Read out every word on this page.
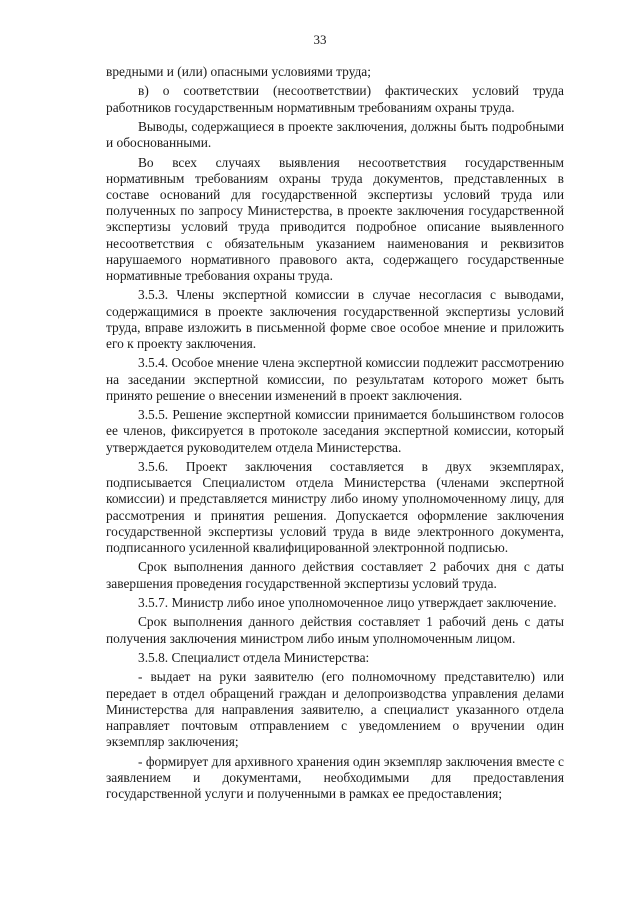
33

вредными и (или) опасными условиями труда;

в) о соответствии (несоответствии) фактических условий труда работников государственным нормативным требованиям охраны труда.

Выводы, содержащиеся в проекте заключения, должны быть подробными и обоснованными.

Во всех случаях выявления несоответствия государственным нормативным требованиям охраны труда документов, представленных в составе оснований для государственной экспертизы условий труда или полученных по запросу Министерства, в проекте заключения государственной экспертизы условий труда приводится подробное описание выявленного несоответствия с обязательным указанием наименования и реквизитов нарушаемого нормативного правового акта, содержащего государственные нормативные требования охраны труда.

3.5.3. Члены экспертной комиссии в случае несогласия с выводами, содержащимися в проекте заключения государственной экспертизы условий труда, вправе изложить в письменной форме свое особое мнение и приложить его к проекту заключения.

3.5.4. Особое мнение члена экспертной комиссии подлежит рассмотрению на заседании экспертной комиссии, по результатам которого может быть принято решение о внесении изменений в проект заключения.

3.5.5. Решение экспертной комиссии принимается большинством голосов ее членов, фиксируется в протоколе заседания экспертной комиссии, который утверждается руководителем отдела Министерства.

3.5.6. Проект заключения составляется в двух экземплярах, подписывается Специалистом отдела Министерства (членами экспертной комиссии) и представляется министру либо иному уполномоченному лицу, для рассмотрения и принятия решения. Допускается оформление заключения государственной экспертизы условий труда в виде электронного документа, подписанного усиленной квалифицированной электронной подписью.

Срок выполнения данного действия составляет 2 рабочих дня с даты завершения проведения государственной экспертизы условий труда.

3.5.7. Министр либо иное уполномоченное лицо утверждает заключение.

Срок выполнения данного действия составляет 1 рабочий день с даты получения заключения министром либо иным уполномоченным лицом.

3.5.8. Специалист отдела Министерства:

- выдает на руки заявителю (его полномочному представителю) или передает в отдел обращений граждан и делопроизводства управления делами Министерства для направления заявителю, а специалист указанного отдела направляет почтовым отправлением с уведомлением о вручении один экземпляр заключения;

- формирует для архивного хранения один экземпляр заключения вместе с заявлением и документами, необходимыми для предоставления государственной услуги и полученными в рамках ее предоставления;
